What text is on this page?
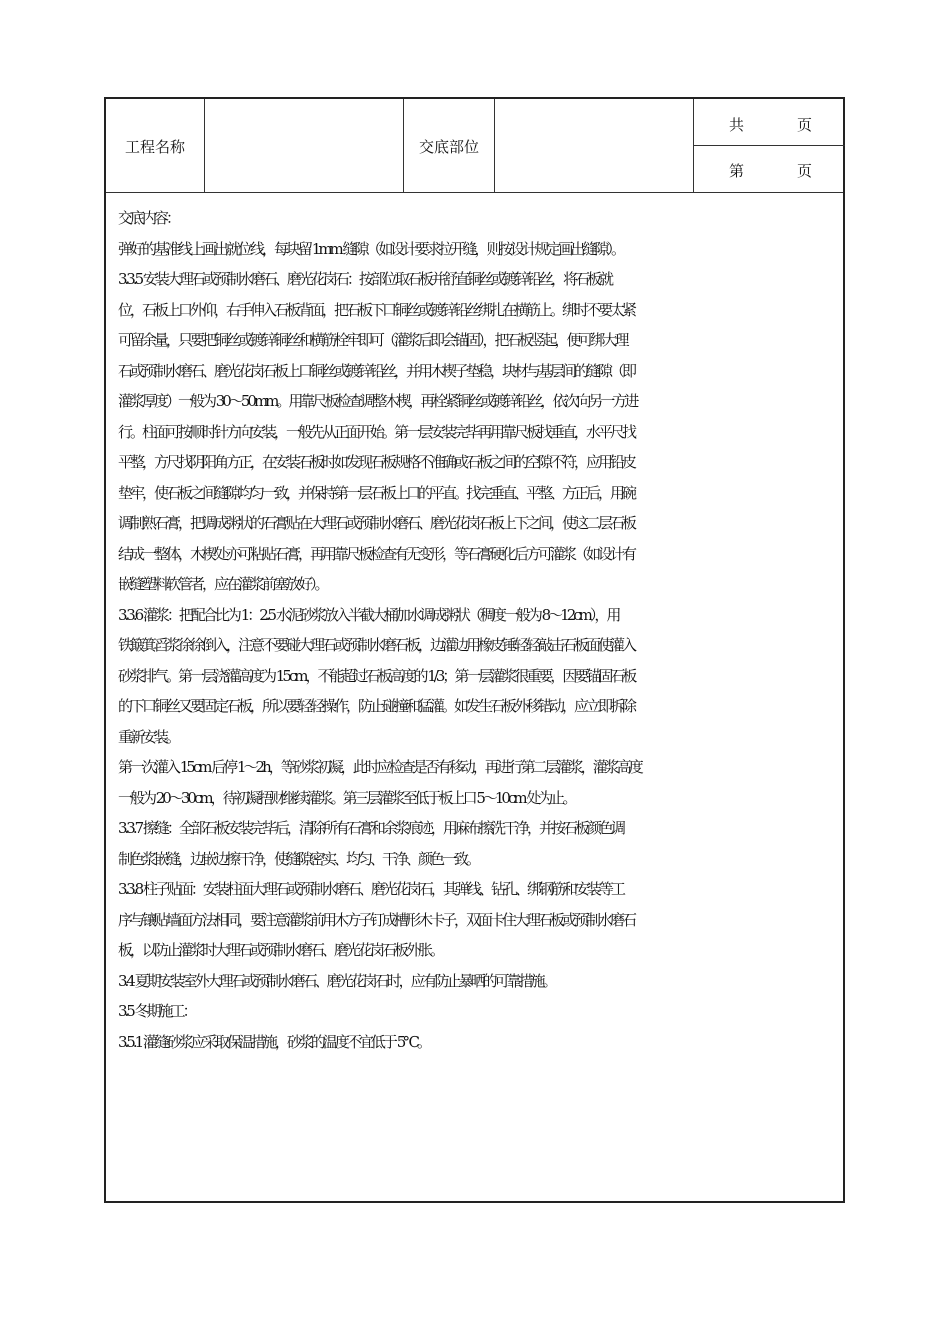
工程名称	交底部位
共	页
第	页

交底内容：

弹好的基准线上画出就位线，每块留 1mm 缝隙（如设计要求拉开缝，则按设计规定画出缝隙）。

3.3.5 安装大理石或预制水磨石、磨光花岗石：按部位取石板并舒直铜丝或镀锌铅丝，将石板就

位，石板上口外仰，右手伸入石板背面，把石板下口铜丝或镀锌铅丝绑扎在横筋上。绑时不要太紧

可留余量，只要把铜丝或镀锌铜丝和横筋栓牢即可（灌浆后即会锚固），把石板竖起，便可绑大理

石或预制水磨石、磨光花岗石板上口铜丝或镀锌铅丝，并用木楔子垫稳，块材与基层间的缝隙（即

灌浆厚度）一般为 30～50mm。用靠尺板检查调整木楔，再栓紧铜丝或镀锌铅丝，依次向另一方进

行。柱面可按顺时针方向安装，一般先从正面开始。第一层安装完毕再用靠尺板找垂直，水平尺找

平整，方尺找阴阳角方正，在安装石板时如发现石板规格不准确或石板之间的空隙不符，应用铅皮

垫牢，使石板之间缝隙均匀一致，并保持第一层石板上口的平直。找完垂直、平整、方正后，用碗

调制熟石膏，把调成粥状的石膏贴在大理石或预制水磨石、磨光花岗石板上下之间，使这二层石板

结成一整体，木楔处亦可粘贴石膏，再用靠尺板检查有无变形，等石膏硬化后方可灌浆（如设计有

嵌缝塑料软管者，应在灌浆前塞放好）。

3.3.6 灌浆：把配合比为 1：2.5 水泥砂浆放入半截大桶加水调成粥状（稠度一般为 8～12cm），用

铁簸箕舀浆徐徐倒入，注意不要碰大理石或预制水磨石板，边灌边用橡皮锤轻轻敲击石板面使灌入

砂浆排气。第一层浇灌高度为 15cm，不能超过石板高度的 1/3；第一层灌浆很重要，因要锚固石板

的下口铜丝又要固定石板，所以要轻轻操作，防止碰撞和猛灌。如发生石板外移错动，应立即拆除

重新安装。

第一次灌入 15cm 后停 1～2h，等砂浆初凝，此时应检查是否有移动，再进行第二层灌浆，灌浆高度

一般为 20～30cm，待初凝捂财继续灌浆。第三层灌浆至低于板上口 5～10cm 处为止。

3.3.7 擦缝：全部石板安装完毕后，清除所有石膏和余浆痕迹，用麻布擦洗干净，并按石板颜色调

制色浆嵌缝，边嵌边擦干净，使缝隙密实、均匀、干净、颜色一致。

3.3.8 柱子贴面：安装柱面大理石或预制水磨石、磨光花岗石，其弹线、钻孔、绑钢筋和安装等工

序与镶贴墙面方法相同，要注意灌浆前用木方子钉成槽形木卡子，双面卡住大理石板或预制水磨石

板，以防止灌浆时大理石或预制水磨石、磨光花岗石板外胀。

3.4 夏期安装室外大理石或预制水磨石、磨光花岗石时，应有防止暴晒的可靠措施。

3.5 冬期施工：

3.5.1 灌缝砂浆应采取保温措施，砂浆的温度不宜低于 5℃。
